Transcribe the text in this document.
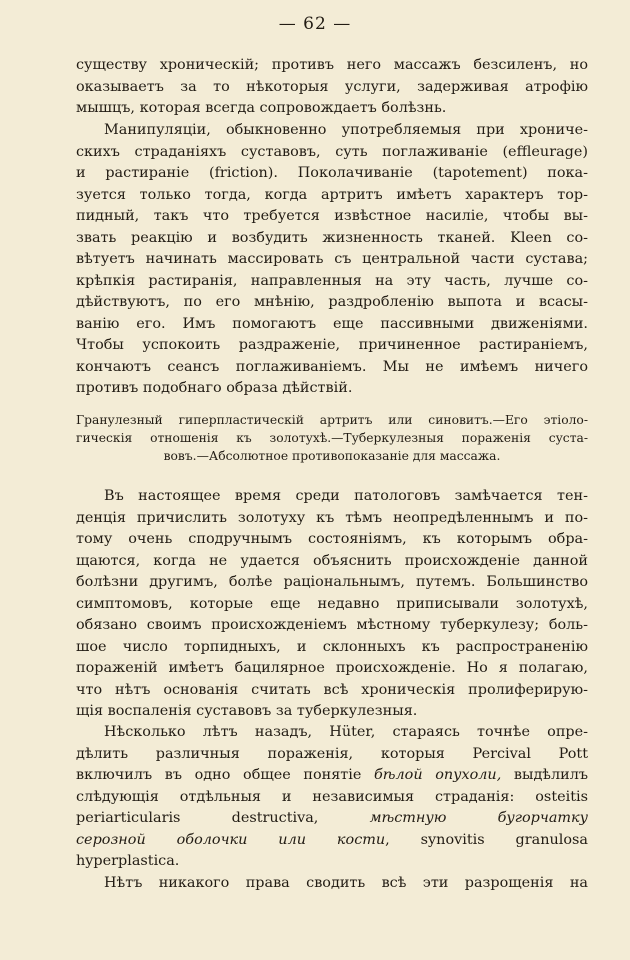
— 62 —
существу хроническій; противъ него массажъ безсиленъ, но
оказываетъ за то нѣкоторыя услуги, задерживая атрофію
мышцъ, которая всегда сопровождаетъ болѣзнь.
Манипуляціи, обыкновенно употребляемыя при хрониче-
скихъ страданіяхъ суставовъ, суть поглаживаніе (effleurage)
и растираніе (friction). Поколачиваніе (tapotement) пока-
зуется только тогда, когда артритъ имѣетъ характеръ тор-
пидный, такъ что требуется извѣстное насиліе, чтобы вы-
звать реакцію и возбудить жизненность тканей. Kleen со-
вѣтуетъ начинать массировать съ центральной части сустава;
крѣпкія растиранія, направленныя на эту часть, лучше со-
дѣйствуютъ, по его мнѣнію, раздробленію выпота и всасы-
ванію его. Имъ помогаютъ еще пассивными движеніями.
Чтобы успокоить раздраженіе, причиненное растираніемъ,
кончаютъ сеансъ поглаживаніемъ. Мы не имѣемъ ничего
противъ подобнаго образа дѣйствій.
Гранулезный гиперпластическій артритъ или синовитъ.—Его этіоло-
гическія отношенія къ золотухѣ.—Туберкулезныя пораженія суста-
вовъ.—Абсолютное противопоказаніе для массажа.
Въ настоящее время среди патологовъ замѣчается тен-
денція причислить золотуху къ тѣмъ неопредѣленнымъ и по-
тому очень сподручнымъ состояніямъ, къ которымъ обра-
щаются, когда не удается объяснить происхожденіе данной
болѣзни другимъ, болѣе раціональнымъ, путемъ. Большинство
симптомовъ, которые еще недавно приписывали золотухѣ,
обязано своимъ происхожденіемъ мѣстному туберкулезу; боль-
шое число торпидныхъ, и склонныхъ къ распространенію
пораженій имѣетъ бацилярное происхожденіе. Но я полагаю,
что нѣтъ основанія считать всѣ хроническія пролиферирую-
щія воспаленія суставовъ за туберкулезныя.
Нѣсколько лѣтъ назадъ, Hüter, стараясь точнѣе опре-
дѣлить различныя пораженія, которыя Percival Pott
включилъ въ одно общее понятіе бѣлой опухоли, выдѣлилъ
слѣдующія отдѣльныя и независимыя страданія: osteitis
periarticularis destructiva, мѣстную бугорчатку
серозной оболочки или кости, synovitis granulosa
hyperplastica.
Нѣтъ никакого права сводить всѣ эти разрощенія на
